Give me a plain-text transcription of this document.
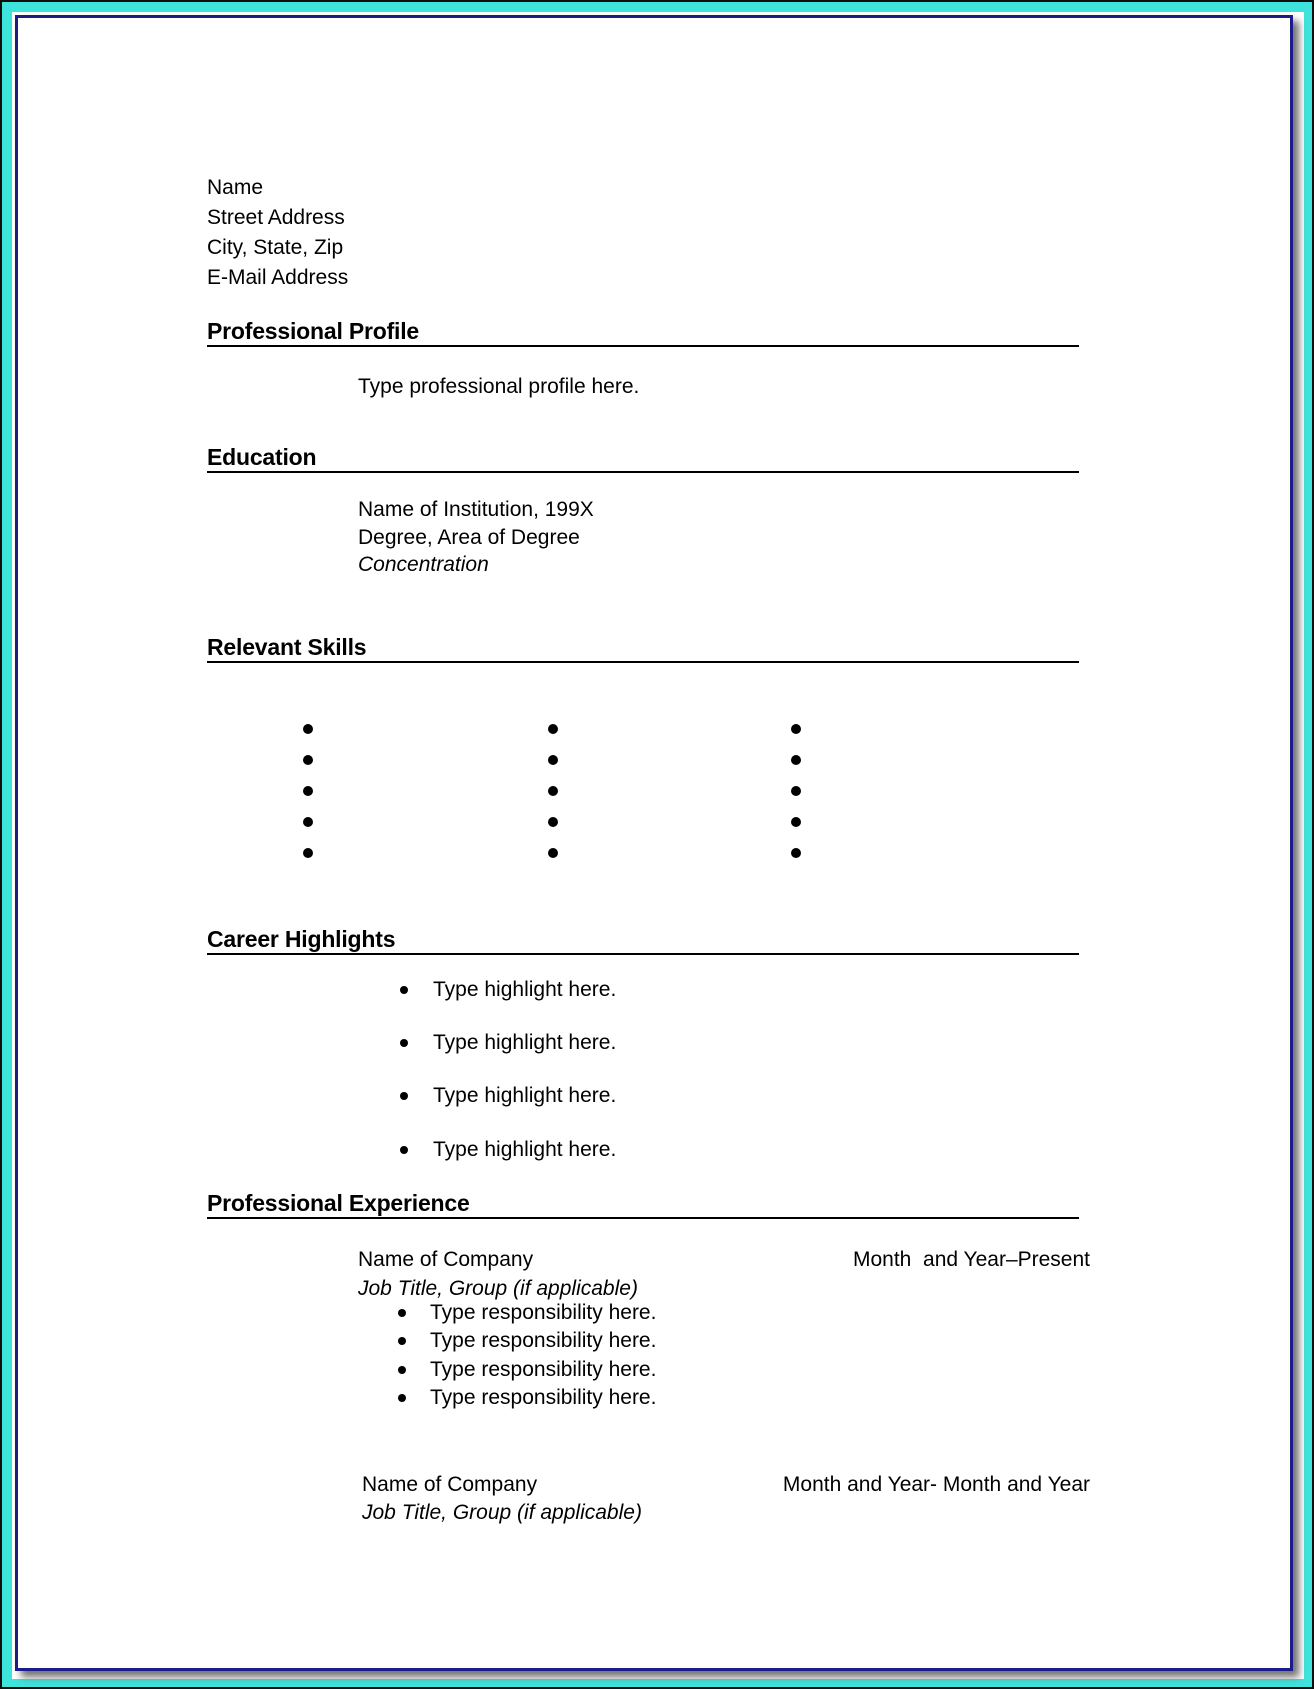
Name
Street Address
City, State, Zip
E-Mail Address
Professional Profile
Type professional profile here.
Education
Name of Institution, 199X
Degree, Area of Degree
Concentration
Relevant Skills
Career Highlights
Type highlight here.
Type highlight here.
Type highlight here.
Type highlight here.
Professional Experience
Name of Company	Month  and Year–Present
Job Title, Group (if applicable)
Type responsibility here.
Type responsibility here.
Type responsibility here.
Type responsibility here.
Name of Company	Month and Year- Month and Year
Job Title, Group (if applicable)
